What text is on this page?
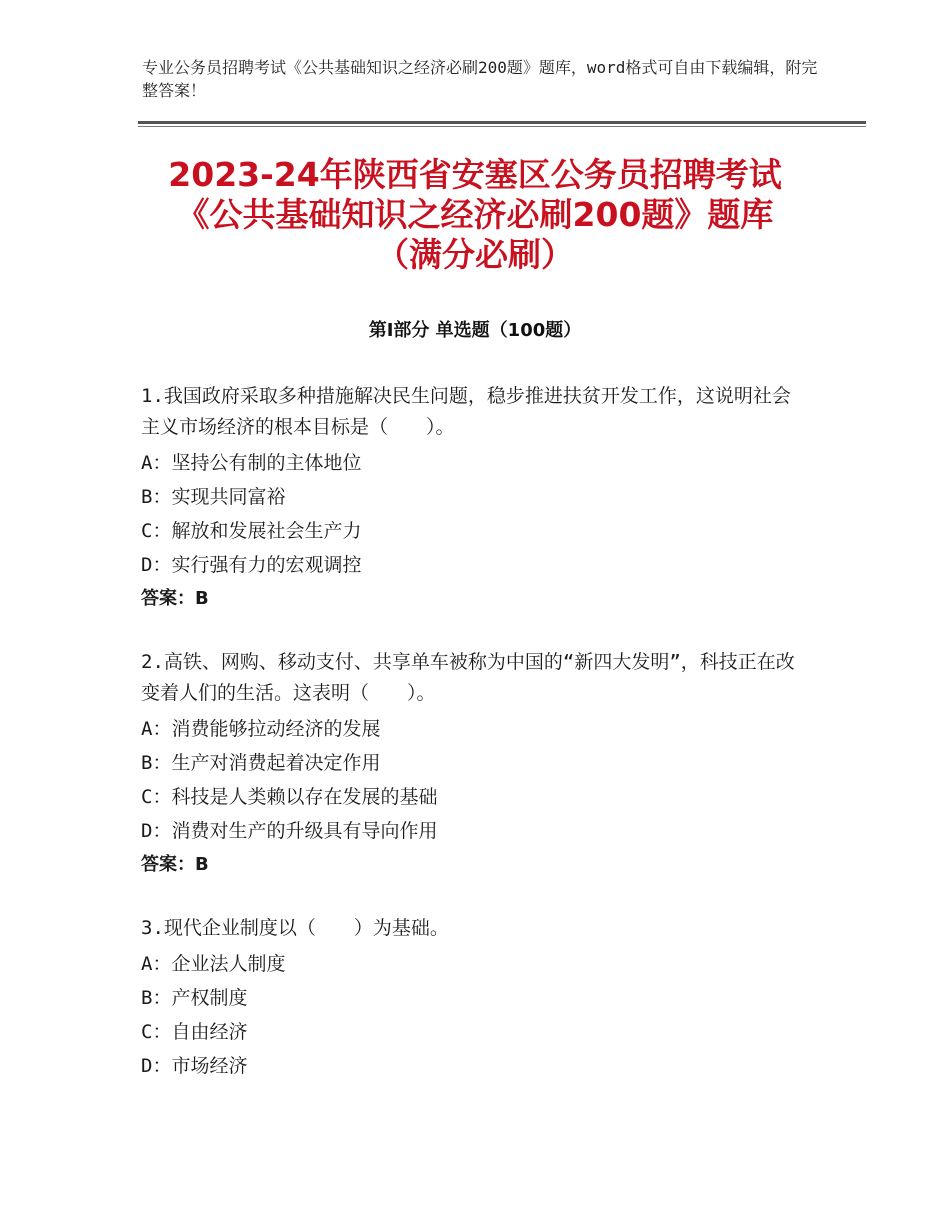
专业公务员招聘考试《公共基础知识之经济必刷200题》题库，word格式可自由下载编辑，附完整答案！
2023-24年陕西省安塞区公务员招聘考试
《公共基础知识之经济必刷200题》题库
（满分必刷）
第Ⅰ部分 单选题（100题）
1.我国政府采取多种措施解决民生问题，稳步推进扶贫开发工作，这说明社会主义市场经济的根本目标是（　　）。
A：坚持公有制的主体地位
B：实现共同富裕
C：解放和发展社会生产力
D：实行强有力的宏观调控
答案：B
2.高铁、网购、移动支付、共享单车被称为中国的“新四大发明”，科技正在改变着人们的生活。这表明（　　）。
A：消费能够拉动经济的发展
B：生产对消费起着决定作用
C：科技是人类赖以存在发展的基础
D：消费对生产的升级具有导向作用
答案：B
3.现代企业制度以（　　）为基础。
A：企业法人制度
B：产权制度
C：自由经济
D：市场经济
